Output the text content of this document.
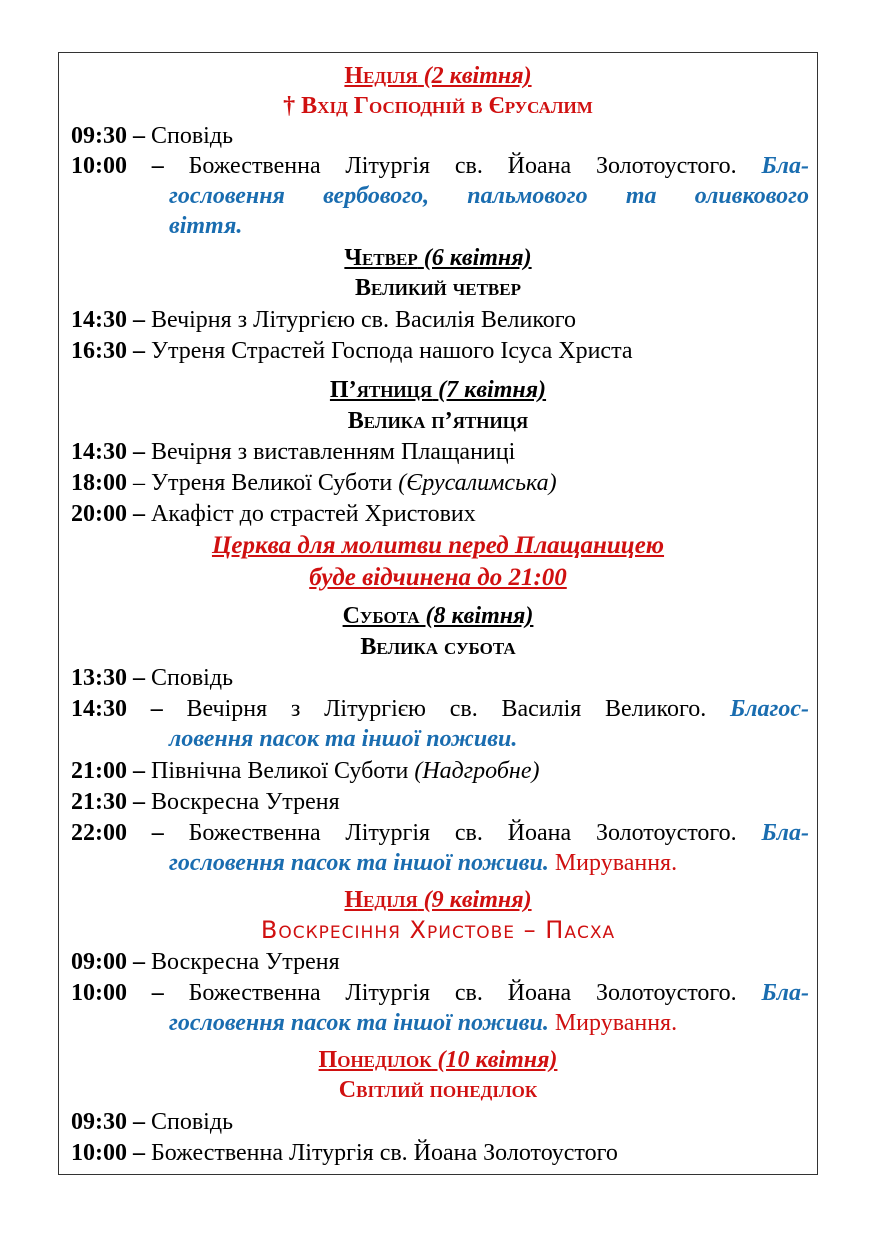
Неділя (2 квітня)
† Вхід Господній в Єрусалим
09:30 – Сповідь
10:00 – Божественна Літургія св. Йоана Золотоустого. Бла-
гословення вербового, пальмового та оливкового
віття.
Четвер (6 квітня)
Великий четвер
14:30 – Вечірня з Літургією св. Василія Великого
16:30 – Утреня Страстей Господа нашого Ісуса Христа
П’ятниця (7 квітня)
Велика п’ятниця
14:30 – Вечірня з виставленням Плащаниці
18:00 – Утреня Великої Суботи (Єрусалимська)
20:00 – Акафіст до страстей Христових
Церква для молитви перед Плащаницею
буде відчинена до 21:00
Субота (8 квітня)
Велика субота
13:30 – Сповідь
14:30 – Вечірня з Літургією св. Василія Великого. Благос-
ловення пасок та іншої поживи.
21:00 – Північна Великої Суботи (Надгробне)
21:30 – Воскресна Утреня
22:00 – Божественна Літургія св. Йоана Золотоустого. Бла-
гословення пасок та іншої поживи. Мирування.
Неділя (9 квітня)
Воскресіння Христове – Пасха
09:00 – Воскресна Утреня
10:00 – Божественна Літургія св. Йоана Золотоустого. Бла-
гословення пасок та іншої поживи. Мирування.
Понеділок (10 квітня)
Світлий понеділок
09:30 – Сповідь
10:00 – Божественна Літургія св. Йоана Золотоустого
